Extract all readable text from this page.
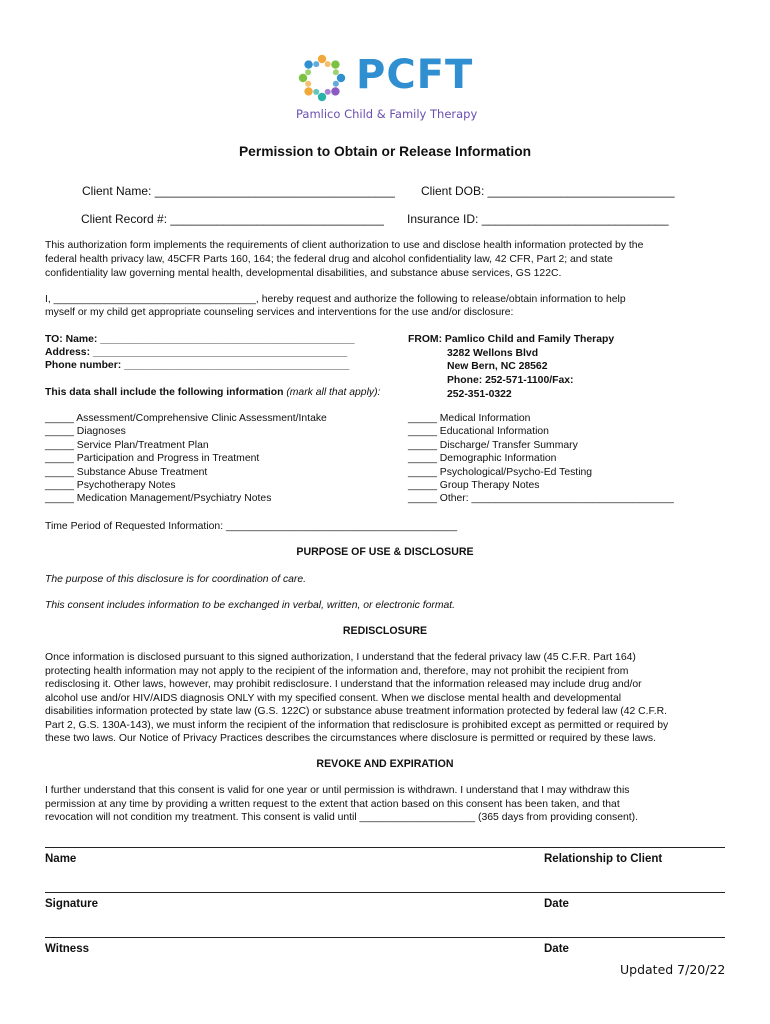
PCFT
Pamlico Child & Family Therapy
Permission to Obtain or Release Information
Client Name: ____________________________________ Client DOB: ____________________________
Client Record #: ________________________________ Insurance ID: ____________________________
This authorization form implements the requirements of client authorization to use and disclose health information protected by the
federal health privacy law, 45CFR Parts 160, 164; the federal drug and alcohol confidentiality law, 42 CFR, Part 2; and state
confidentiality law governing mental health, developmental disabilities, and substance abuse services, GS 122C.
I, ___________________________________, hereby request and authorize the following to release/obtain information to help
myself or my child get appropriate counseling services and interventions for the use and/or disclosure:
TO: Name: ____________________________________________
Address: ____________________________________________
Phone number: _______________________________________
FROM: Pamlico Child and Family Therapy
3282 Wellons Blvd
New Bern, NC 28562
Phone: 252-571-1100/Fax:
252-351-0322
This data shall include the following information (mark all that apply):
_____ Assessment/Comprehensive Clinic Assessment/Intake
_____ Diagnoses
_____ Service Plan/Treatment Plan
_____ Participation and Progress in Treatment
_____ Substance Abuse Treatment
_____ Psychotherapy Notes
_____ Medication Management/Psychiatry Notes
_____ Medical Information
_____ Educational Information
_____ Discharge/ Transfer Summary
_____ Demographic Information
_____ Psychological/Psycho-Ed Testing
_____ Group Therapy Notes
_____ Other: ___________________________________
Time Period of Requested Information: ________________________________________
PURPOSE OF USE & DISCLOSURE
The purpose of this disclosure is for coordination of care.
This consent includes information to be exchanged in verbal, written, or electronic format.
REDISCLOSURE
Once information is disclosed pursuant to this signed authorization, I understand that the federal privacy law (45 C.F.R. Part 164)
protecting health information may not apply to the recipient of the information and, therefore, may not prohibit the recipient from
redisclosing it. Other laws, however, may prohibit redisclosure. I understand that the information released may include drug and/or
alcohol use and/or HIV/AIDS diagnosis ONLY with my specified consent. When we disclose mental health and developmental
disabilities information protected by state law (G.S. 122C) or substance abuse treatment information protected by federal law (42 C.F.R.
Part 2, G.S. 130A-143), we must inform the recipient of the information that redisclosure is prohibited except as permitted or required by
these two laws. Our Notice of Privacy Practices describes the circumstances where disclosure is permitted or required by these laws.
REVOKE AND EXPIRATION
I further understand that this consent is valid for one year or until permission is withdrawn. I understand that I may withdraw this
permission at any time by providing a written request to the extent that action based on this consent has been taken, and that
revocation will not condition my treatment. This consent is valid until ____________________ (365 days from providing consent).
Name	Relationship to Client
Signature	Date
Witness	Date
Updated 7/20/22
